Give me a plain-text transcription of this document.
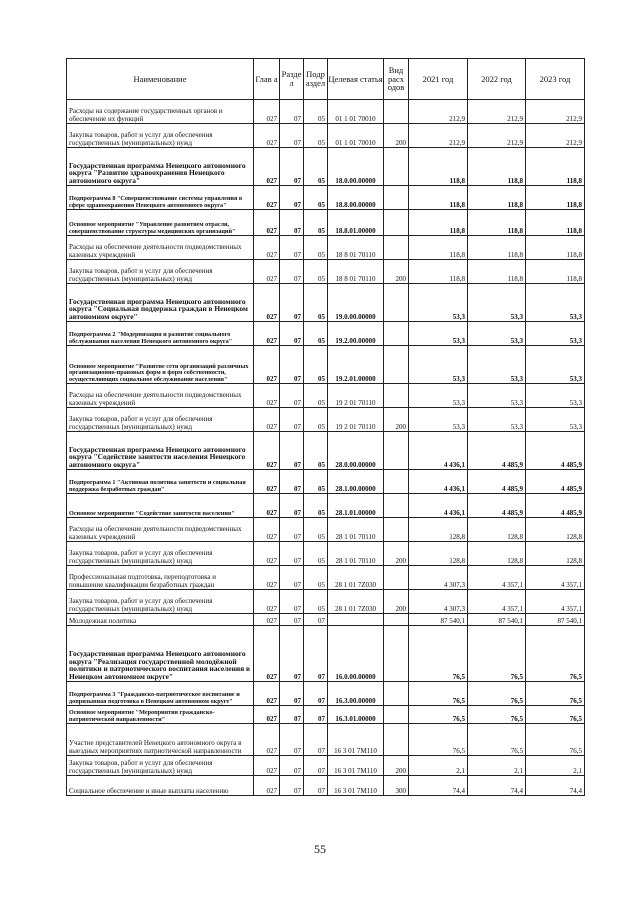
Наименование	Глав а	Разде л	Подр аздел	Целевая статья	Вид расх одов	2021 год	2022 год	2023 год
Расходы на содержание государственных органов и обеспечение их функций	027	07	05	01 1 01 70010		212,9	212,9	212,9
Закупка товаров, работ и услуг для обеспечения государственных (муниципальных) нужд	027	07	05	01 1 01 70010	200	212,9	212,9	212,9
Государственная программа Ненецкого автономного округа "Развитие здравоохранения Ненецкого автономного округа"	027	07	05	18.0.00.00000		118,8	118,8	118,8
Подпрограмма 8 "Совершенствование системы управления в сфере здравоохранения Ненецкого автономного округа"	027	07	05	18.8.00.00000		118,8	118,8	118,8
Основное мероприятие "Управление развитием отрасли, совершенствование структуры медицинских организаций"	027	07	05	18.8.01.00000		118,8	118,8	118,8
Расходы на обеспечение деятельности подведомственных казенных учреждений	027	07	05	18 8 01 70110		118,8	118,8	118,8
Закупка товаров, работ и услуг для обеспечения государственных (муниципальных) нужд	027	07	05	18 8 01 70110	200	118,8	118,8	118,8
Государственная программа Ненецкого автономного округа "Социальная поддержка граждан в Ненецком автономном округе"	027	07	05	19.0.00.00000		53,3	53,3	53,3
Подпрограмма 2 "Модернизация и развитие социального обслуживания населения Ненецкого автономного округа"	027	07	05	19.2.00.00000		53,3	53,3	53,3
Основное мероприятие "Развитие сети организаций различных организационно-правовых форм и форм собственности, осуществляющих социальное обслуживание населения"	027	07	05	19.2.01.00000		53,3	53,3	53,3
Расходы на обеспечение деятельности подведомственных казенных учреждений	027	07	05	19 2 01 70110		53,3	53,3	53,3
Закупка товаров, работ и услуг для обеспечения государственных (муниципальных) нужд	027	07	05	19 2 01 70110	200	53,3	53,3	53,3
Государственная программа Ненецкого автономного округа "Содействие занятости населения Ненецкого автономного округа"	027	07	05	28.0.00.00000		4 436,1	4 485,9	4 485,9
Подпрограмма 1 "Активная политика занятости и социальная поддержка безработных граждан"	027	07	05	28.1.00.00000		4 436,1	4 485,9	4 485,9
Основное мероприятие "Содействие занятости населения"	027	07	05	28.1.01.00000		4 436,1	4 485,9	4 485,9
Расходы на обеспечение деятельности подведомственных казенных учреждений	027	07	05	28 1 01 70110		128,8	128,8	128,8
Закупка товаров, работ и услуг для обеспечения государственных (муниципальных) нужд	027	07	05	28 1 01 70110	200	128,8	128,8	128,8
Профессиональная подготовка, переподготовка и повышение квалификации безработных граждан	027	07	05	28 1 01 7Z030		4 307,3	4 357,1	4 357,1
Закупка товаров, работ и услуг для обеспечения государственных (муниципальных) нужд	027	07	05	28 1 01 7Z030	200	4 307,3	4 357,1	4 357,1
Молодежная политика	027	07	07			87 540,1	87 540,1	87 540,1
Государственная программа Ненецкого автономного округа "Реализация государственной молодёжной политики и патриотического воспитания населения в Ненецком автономном округе"	027	07	07	16.0.00.00000		76,5	76,5	76,5
Подпрограмма 3 "Гражданско-патриотическое воспитание и допризывная подготовка в Ненецком автономном округе"	027	07	07	16.3.00.00000		76,5	76,5	76,5
Основное мероприятие "Мероприятия гражданско-патриотической направленности"	027	07	07	16.3.01.00000		76,5	76,5	76,5
Участие представителей Ненецкого автономного округа в выездных мероприятиях патриотической направленности	027	07	07	16 3 01 7M110		76,5	76,5	76,5
Закупка товаров, работ и услуг для обеспечения государственных (муниципальных) нужд	027	07	07	16 3 01 7M110	200	2,1	2,1	2,1
Социальное обеспечение и иные выплаты населению	027	07	07	16 3 01 7M110	300	74,4	74,4	74,4
55
